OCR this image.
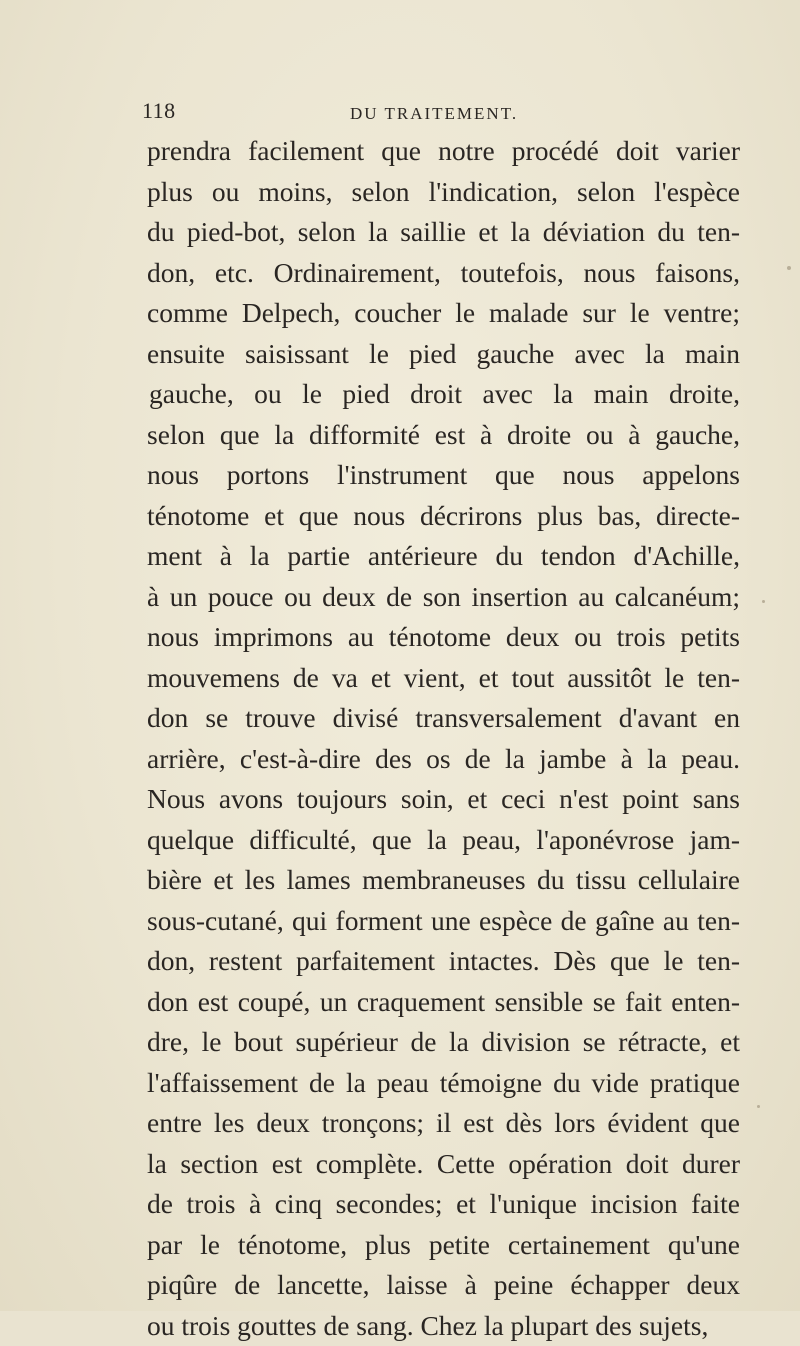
118	DU TRAITEMENT.
prendra facilement que notre procédé doit varier
plus ou moins, selon l'indication, selon l'espèce
du pied-bot, selon la saillie et la déviation du ten-
don, etc. Ordinairement, toutefois, nous faisons,
comme Delpech, coucher le malade sur le ventre;
ensuite saisissant le pied gauche avec la main
gauche, ou le pied droit avec la main droite,
selon que la difformité est à droite ou à gauche,
nous portons l'instrument que nous appelons
ténotome et que nous décrirons plus bas, directe-
ment à la partie antérieure du tendon d'Achille,
à un pouce ou deux de son insertion au calcanéum;
nous imprimons au ténotome deux ou trois petits
mouvemens de va et vient, et tout aussitôt le ten-
don se trouve divisé transversalement d'avant en
arrière, c'est-à-dire des os de la jambe à la peau.
Nous avons toujours soin, et ceci n'est point sans
quelque difficulté, que la peau, l'aponévrose jam-
bière et les lames membraneuses du tissu cellulaire
sous-cutané, qui forment une espèce de gaîne au ten-
don, restent parfaitement intactes. Dès que le ten-
don est coupé, un craquement sensible se fait enten-
dre, le bout supérieur de la division se rétracte, et
l'affaissement de la peau témoigne du vide pratique
entre les deux tronçons; il est dès lors évident que
la section est complète. Cette opération doit durer
de trois à cinq secondes; et l'unique incision faite
par le ténotome, plus petite certainement qu'une
piqûre de lancette, laisse à peine échapper deux
ou trois gouttes de sang. Chez la plupart des sujets,
